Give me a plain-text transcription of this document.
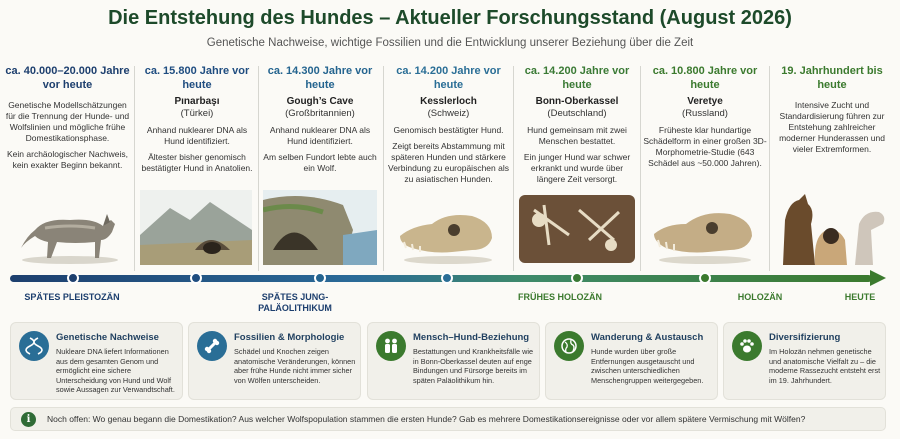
Die Entstehung des Hundes – Aktueller Forschungsstand (August 2026)
Genetische Nachweise, wichtige Fossilien und die Entwicklung unserer Beziehung über die Zeit
ca. 40.000–20.000 Jahre vor heute
Genetische Modellschätzungen für die Trennung der Hunde- und Wolfslinien und mögliche frühe Domestikationsphase.
Kein archäologischer Nachweis, kein exakter Beginn bekannt.
ca. 15.800 Jahre vor heute
Pınarbaşı
(Türkei)
Anhand nuklearer DNA als Hund identifiziert.
Ältester bisher genomisch bestätigter Hund in Anatolien.
ca. 14.300 Jahre vor heute
Gough’s Cave
(Großbritannien)
Anhand nuklearer DNA als Hund identifiziert.
Am selben Fundort lebte auch ein Wolf.
ca. 14.200 Jahre vor heute
Kesslerloch
(Schweiz)
Genomisch bestätigter Hund.
Zeigt bereits Abstammung mit späteren Hunden und stärkere Verbindung zu europäischen als zu asiatischen Hunden.
ca. 14.200 Jahre vor heute
Bonn-Oberkassel
(Deutschland)
Hund gemeinsam mit zwei Menschen bestattet.
Ein junger Hund war schwer erkrankt und wurde über längere Zeit versorgt.
ca. 10.800 Jahre vor heute
Veretye
(Russland)
Früheste klar hundartige Schädelform in einer großen 3D-Morphometrie-Studie (643 Schädel aus ~50.000 Jahren).
19. Jahrhundert bis heute
Intensive Zucht und Standardisierung führen zur Entstehung zahlreicher moderner Hunderassen und vieler Extremformen.
SPÄTES PLEISTOZÄN	SPÄTES JUNG-PALÄOLITHIKUM
FRÜHES HOLOZÄN	HOLOZÄN	HEUTE
Genetische Nachweise
Nukleare DNA liefert Informationen aus dem gesamten Genom und ermöglicht eine sichere Unterscheidung von Hund und Wolf sowie Aussagen zur Verwandtschaft.
Fossilien & Morphologie
Schädel und Knochen zeigen anatomische Veränderungen, können aber frühe Hunde nicht immer sicher von Wölfen unterscheiden.
Mensch–Hund-Beziehung
Bestattungen und Krankheitsfälle wie in Bonn-Oberkassel deuten auf enge Bindungen und Fürsorge bereits im späten Paläolithikum hin.
Wanderung & Austausch
Hunde wurden über große Entfernungen ausgetauscht und zwischen unterschiedlichen Menschengruppen weitergegeben.
Diversifizierung
Im Holozän nehmen genetische und anatomische Vielfalt zu – die moderne Rassezucht entsteht erst im 19. Jahrhundert.
i	Noch offen: Wo genau begann die Domestikation? Aus welcher Wolfspopulation stammen die ersten Hunde? Gab es mehrere Domestikationsereignisse oder vor allem spätere Vermischung mit Wölfen?
